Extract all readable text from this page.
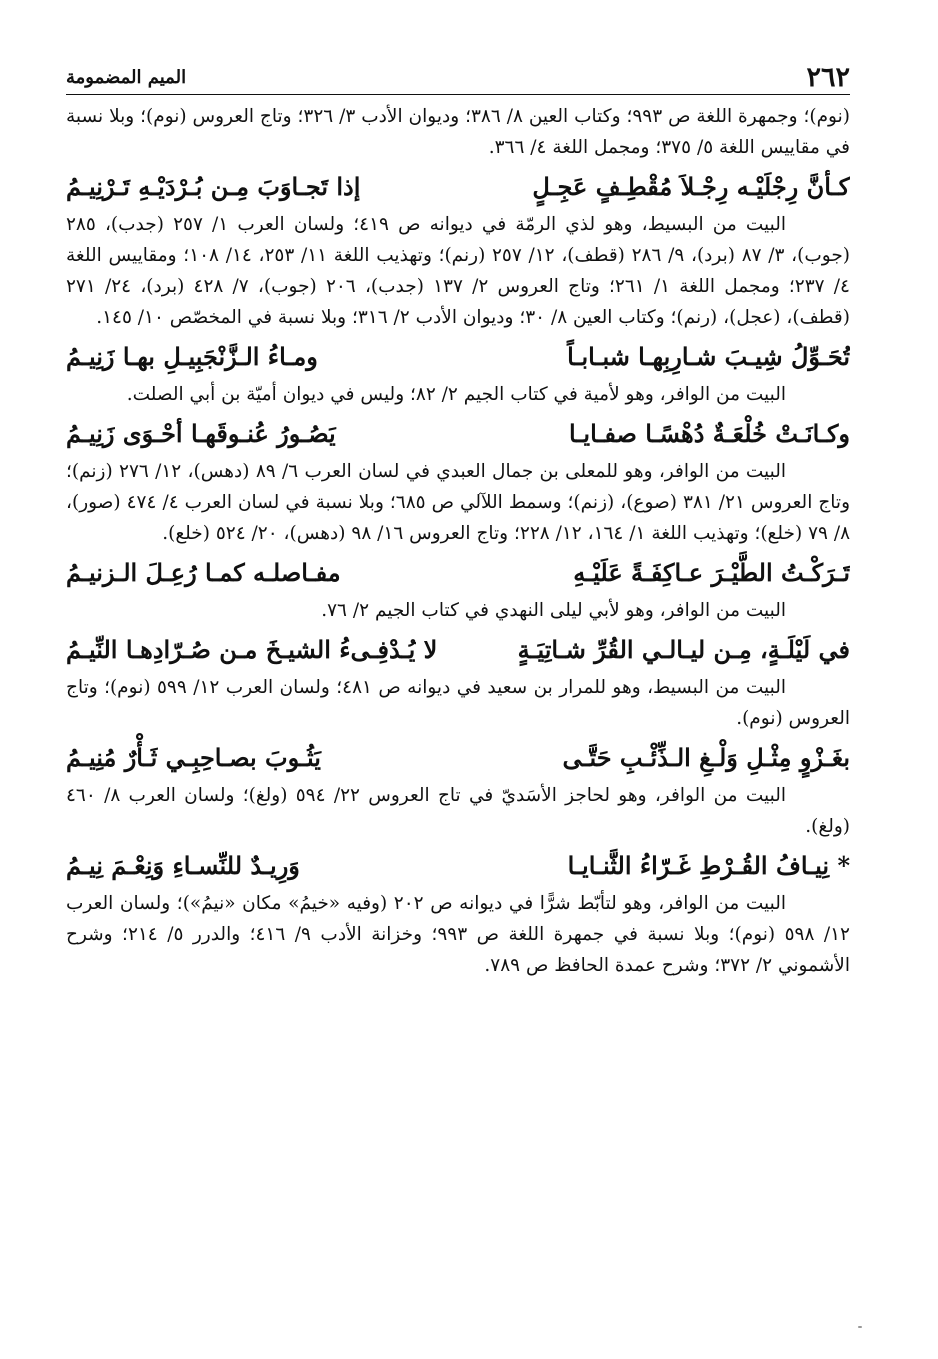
٢٦٢
الميم المضمومة

(نوم)؛ وجمهرة اللغة ص ٩٩٣؛ وكتاب العين ٨/ ٣٨٦؛ وديوان الأدب ٣/ ٣٢٦؛ وتاج العروس (نوم)؛ وبلا نسبة في مقاييس اللغة ٥/ ٣٧٥؛ ومجمل اللغة ٤/ ٣٦٦.

كـأنَّ رِجْلَيْـه رِجْـلاَ مُقْطِـفٍ عَجِـلٍ
إذا تَجـاوَبَ مِـن بُـرْدَيْـهِ تَـرْنِيـمُ

البيت من البسيط، وهو لذي الرمّة في ديوانه ص ٤١٩؛ ولسان العرب ١/ ٢٥٧ (جدب)، ٢٨٥ (جوب)، ٣/ ٨٧ (برد)، ٩/ ٢٨٦ (قطف)، ١٢/ ٢٥٧ (رنم)؛ وتهذيب اللغة ١١/ ٢٥٣، ١٤/ ١٠٨؛ ومقاييس اللغة ٤/ ٢٣٧؛ ومجمل اللغة ١/ ٢٦١؛ وتاج العروس ٢/ ١٣٧ (جدب)، ٢٠٦ (جوب)، ٧/ ٤٢٨ (برد)، ٢٤/ ٢٧١ (قطف)، (عجل)، (رنم)؛ وكتاب العين ٨/ ٣٠؛ وديوان الأدب ٢/ ٣١٦؛ وبلا نسبة في المخصّص ١٠/ ١٤٥.

تُحَـوِّلُ شِيـبَ شـارِبِهـا شبـابـاً
ومـاءُ الـزَّنْجَبِيـلِ بهـا زَنِيـمُ

البيت من الوافر، وهو لأمية في كتاب الجيم ٢/ ٨٢؛ وليس في ديوان أميّة بن أبي الصلت.

وكـانَـتْ خُلْعَـةٌ دُهْسًـا صفـايـا
يَصُـورُ عُنـوقَهـا أحْـوَى زَنِيـمُ

البيت من الوافر، وهو للمعلى بن جمال العبدي في لسان العرب ٦/ ٨٩ (دهس)، ١٢/ ٢٧٦ (زنم)؛ وتاج العروس ٢١/ ٣٨١ (صوع)، (زنم)؛ وسمط اللآلي ص ٦٨٥؛ وبلا نسبة في لسان العرب ٤/ ٤٧٤ (صور)، ٨/ ٧٩ (خلع)؛ وتهذيب اللغة ١/ ١٦٤، ١٢/ ٢٢٨؛ وتاج العروس ١٦/ ٩٨ (دهس)، ٢٠/ ٥٢٤ (خلع).

تَـرَكْـتُ الطَّيْـرَ عـاكِفَـةً عَلَيْـهِ
مفـاصلـه كمـا رُعِـلَ الـزنيـمُ

البيت من الوافر، وهو لأبي ليلى النهدي في كتاب الجيم ٢/ ٧٦.

في لَيْلَـةٍ، مِـن ليـالـي القُرِّ شـاتِيَـةٍ
لا يُـدْفِـىءُ الشيـخَ مـن صُـرّادِهـا النِّيـمُ

البيت من البسيط، وهو للمرار بن سعيد في ديوانه ص ٤٨١؛ ولسان العرب ١٢/ ٥٩٩ (نوم)؛ وتاج العروس (نوم).

بغَـزْوٍ مِثْـلِ وَلْـغِ الـذِّئْـبِ حَتَّـى
يَثُـوبَ بصـاحِبِـي ثَـأْرٌ مُنِيـمُ

البيت من الوافر، وهو لحاجز الأسَديّ في تاج العروس ٢٢/ ٥٩٤ (ولغ)؛ ولسان العرب ٨/ ٤٦٠ (ولغ).

* نِيـافُ القُـرْطِ غَـرّاءُ الثَّنـايـا
وَرِيـدٌ للنِّسـاءِ وَنِعْـمَ نِيـمُ

البيت من الوافر، وهو لتأبّط شرًّا في ديوانه ص ٢٠٢ (وفيه «خيمُ» مكان «نيمُ»)؛ ولسان العرب ١٢/ ٥٩٨ (نوم)؛ وبلا نسبة في جمهرة اللغة ص ٩٩٣؛ وخزانة الأدب ٩/ ٤١٦؛ والدرر ٥/ ٢١٤؛ وشرح الأشموني ٢/ ٣٧٢؛ وشرح عمدة الحافظ ص ٧٨٩.
